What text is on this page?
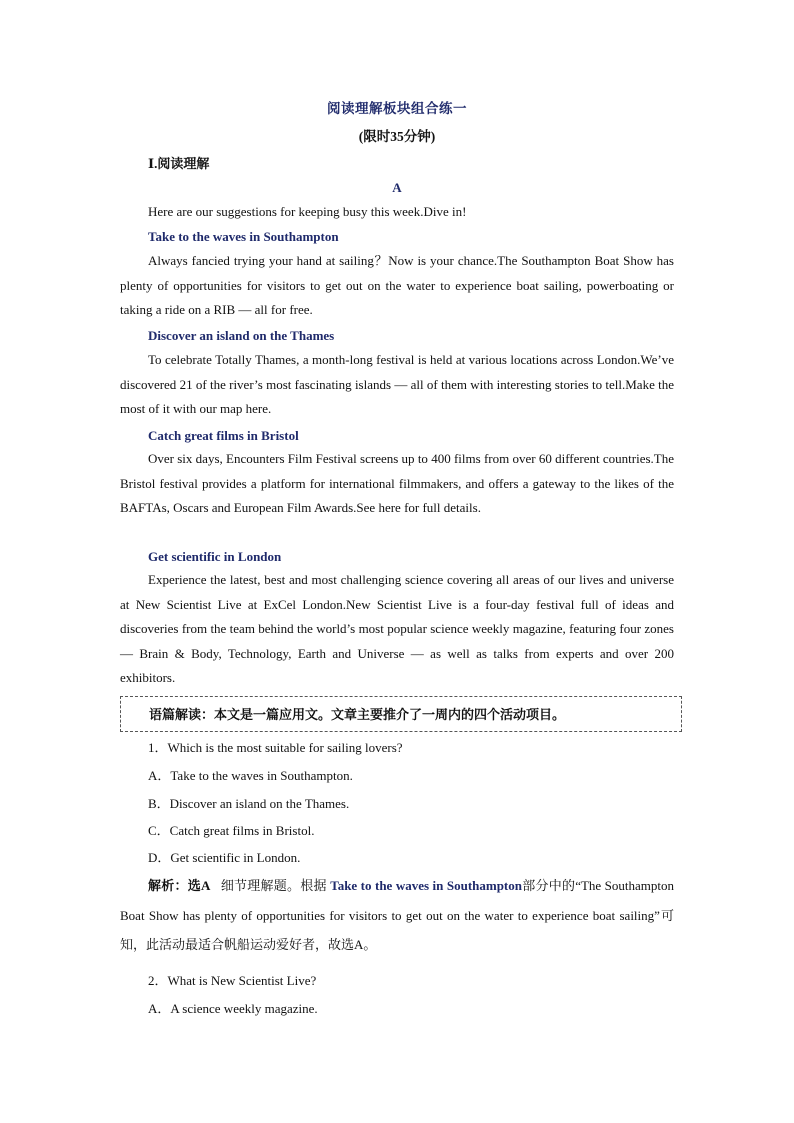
阅读理解板块组合练一
(限时35分钟)
Ⅰ.阅读理解
A

Here are our suggestions for keeping busy this week.Dive in!

Take to the waves in Southampton

Always fancied trying your hand at sailing？Now is your chance.The Southampton Boat Show has plenty of opportunities for visitors to get out on the water to experience boat sailing, powerboating or taking a ride on a RIB — all for free.

Discover an island on the Thames

To celebrate Totally Thames, a month-long festival is held at various locations across London.We’ve discovered 21 of the river’s most fascinating islands — all of them with interesting stories to tell.Make the most of it with our map here.

Catch great films in Bristol

Over six days, Encounters Film Festival screens up to 400 films from over 60 different countries.The Bristol festival provides a platform for international filmmakers, and offers a gateway to the likes of the BAFTAs, Oscars and European Film Awards.See here for full details.

Get scientific in London

Experience the latest, best and most challenging science covering all areas of our lives and universe at New Scientist Live at ExCel London.New Scientist Live is a four-day festival full of ideas and discoveries from the team behind the world’s most popular science weekly magazine, featuring four zones — Brain & Body, Technology, Earth and Universe — as well as talks from experts and over 200 exhibitors.

语篇解读：本文是一篇应用文。文章主要推介了一周内的四个活动项目。
1．Which is the most suitable for sailing lovers?
A．Take to the waves in Southampton.
B．Discover an island on the Thames.
C．Catch great films in Bristol.
D．Get scientific in London.

解析：选A 细节理解题。根据 Take to the waves in Southampton部分中的“The Southampton Boat Show has plenty of opportunities for visitors to get out on the water to experience boat sailing”可知，此活动最适合帆船运动爱好者，故选A。

2．What is New Scientist Live?
A．A science weekly magazine.
